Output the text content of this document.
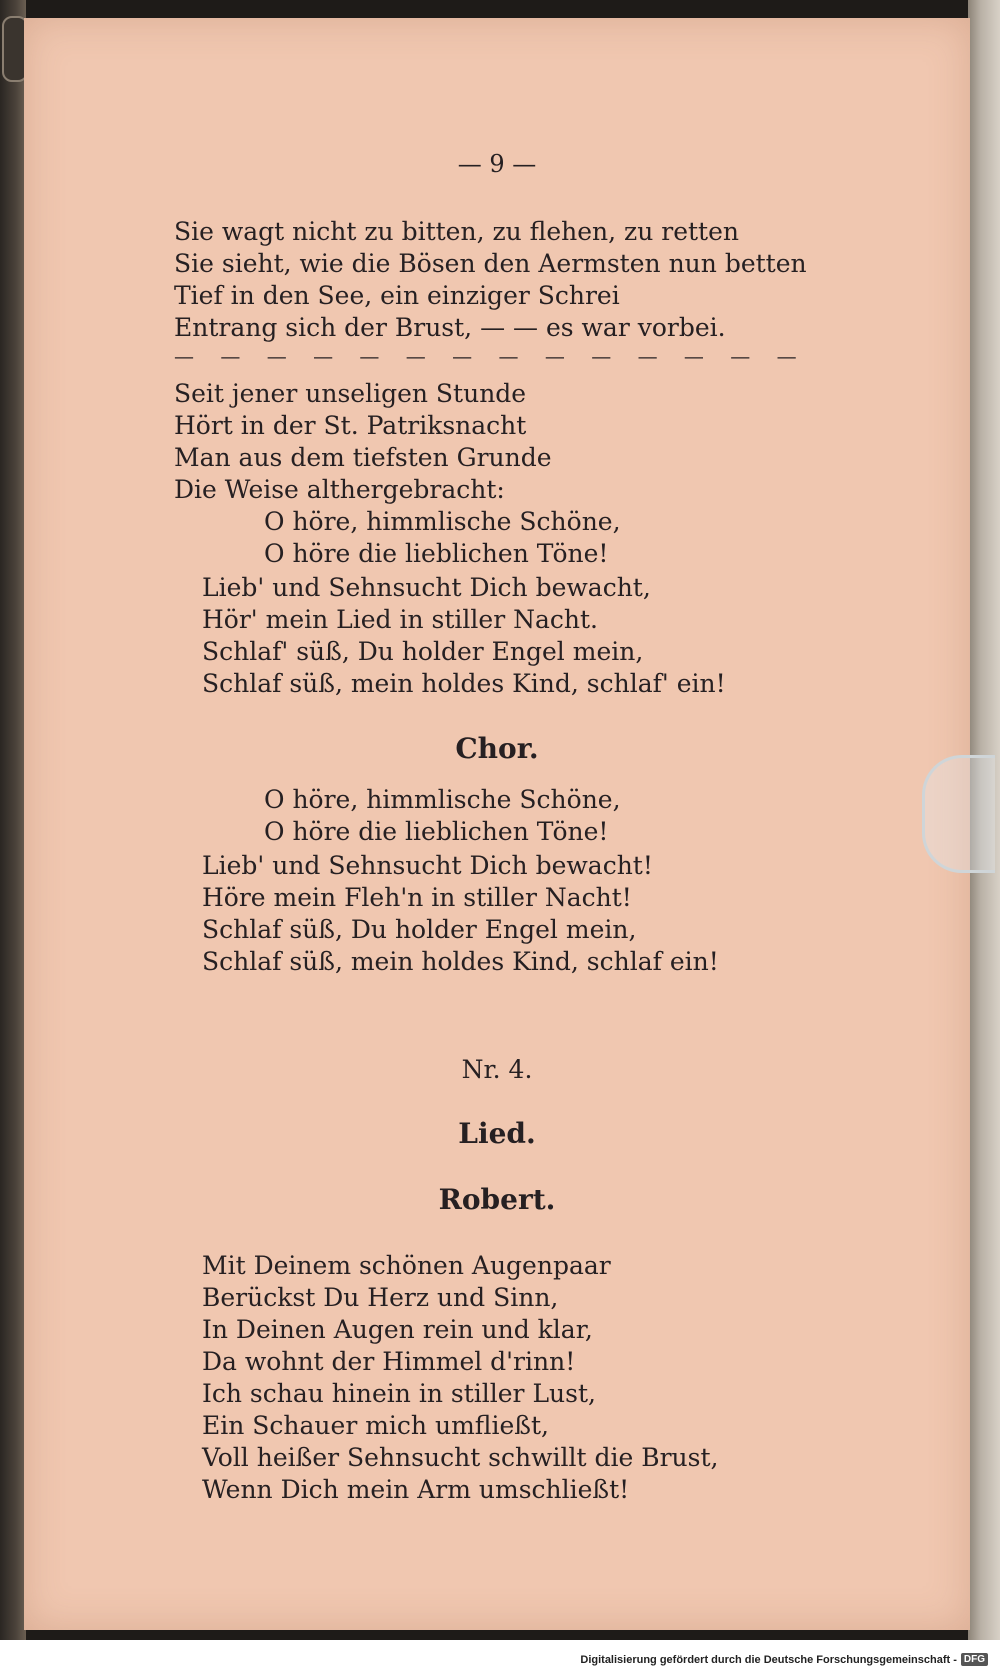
— 9 —
Sie wagt nicht zu bitten, zu flehen, zu retten
Sie sieht, wie die Bösen den Aermsten nun betten
Tief in den See, ein einziger Schrei
Entrang sich der Brust, — — es war vorbei.
— — — — — — — — — — — — — —
Seit jener unseligen Stunde
Hört in der St. Patriksnacht
Man aus dem tiefsten Grunde
Die Weise althergebracht:
O höre, himmlische Schöne,
O höre die lieblichen Töne!
Lieb' und Sehnsucht Dich bewacht,
Hör' mein Lied in stiller Nacht.
Schlaf' süß, Du holder Engel mein,
Schlaf süß, mein holdes Kind, schlaf' ein!
Chor.
O höre, himmlische Schöne,
O höre die lieblichen Töne!
Lieb' und Sehnsucht Dich bewacht!
Höre mein Fleh'n in stiller Nacht!
Schlaf süß, Du holder Engel mein,
Schlaf süß, mein holdes Kind, schlaf ein!
Nr. 4.
Lied.
Robert.
Mit Deinem schönen Augenpaar
Berückst Du Herz und Sinn,
In Deinen Augen rein und klar,
Da wohnt der Himmel d'rinn!
Ich schau hinein in stiller Lust,
Ein Schauer mich umfließt,
Voll heißer Sehnsucht schwillt die Brust,
Wenn Dich mein Arm umschließt!
Digitalisierung gefördert durch die Deutsche Forschungsgemeinschaft - DFG
